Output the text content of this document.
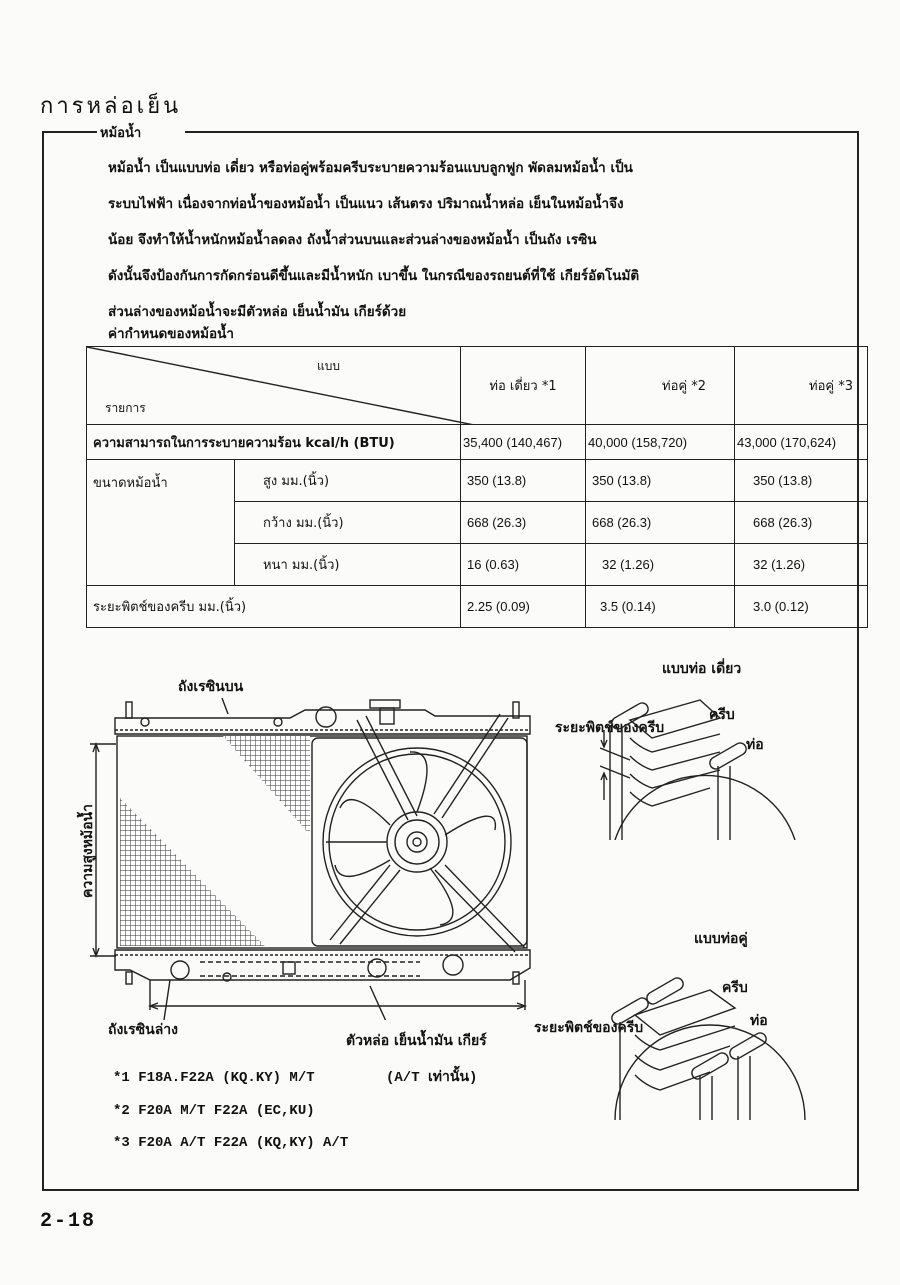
การหล่อเย็น
หม้อน้ำ
หม้อน้ำ เป็นแบบท่อ เดี่ยว หรือท่อคู่พร้อมครีบระบายความร้อนแบบลูกฟูก พัดลมหม้อน้ำ เป็น
ระบบไฟฟ้า เนื่องจากท่อน้ำของหม้อน้ำ เป็นแนว เส้นตรง ปริมาณน้ำหล่อ เย็นในหม้อน้ำจึง
น้อย จึงทำให้น้ำหนักหม้อน้ำลดลง ถังน้ำส่วนบนและส่วนล่างของหม้อน้ำ เป็นถัง เรซิน
ดังนั้นจึงป้องกันการกัดกร่อนดีขึ้นและมีน้ำหนัก เบาขึ้น ในกรณีของรถยนต์ที่ใช้ เกียร์อัตโนมัติ
ส่วนล่างของหม้อน้ำจะมีตัวหล่อ เย็นน้ำมัน เกียร์ด้วย
ค่ากำหนดของหม้อน้ำ
แบบ
รายการ		ท่อ เดี่ยว *1	ท่อคู่ *2	ท่อคู่ *3
ความสามารถในการระบายความร้อน kcal/h (BTU)		35,400 (140,467)	40,000 (158,720)	43,000 (170,624)
ขนาดหม้อน้ำ	สูง มม.(นิ้ว)	350 (13.8)	350 (13.8)	350 (13.8)
	กว้าง มม.(นิ้ว)	668 (26.3)	668 (26.3)	668 (26.3)
	หนา มม.(นิ้ว)	16 (0.63)	32 (1.26)	32 (1.26)
ระยะพิตช์ของครีบ มม.(นิ้ว)		2.25 (0.09)	3.5 (0.14)	3.0 (0.12)
ถังเรซินบน
ถังเรซินล่าง
ตัวหล่อ เย็นน้ำมัน เกียร์
(A/T เท่านั้น)
ความสูงหม้อน้ำ
แบบท่อ เดี่ยว
ระยะพิตช์ของครีบ
ครีบ
ท่อ
แบบท่อคู่
ระยะพิตช์ของครีบ
ครีบ
ท่อ
*1 F18A.F22A (KQ.KY) M/T
*2 F20A M/T F22A (EC,KU)
*3 F20A A/T F22A (KQ,KY) A/T
2-18
